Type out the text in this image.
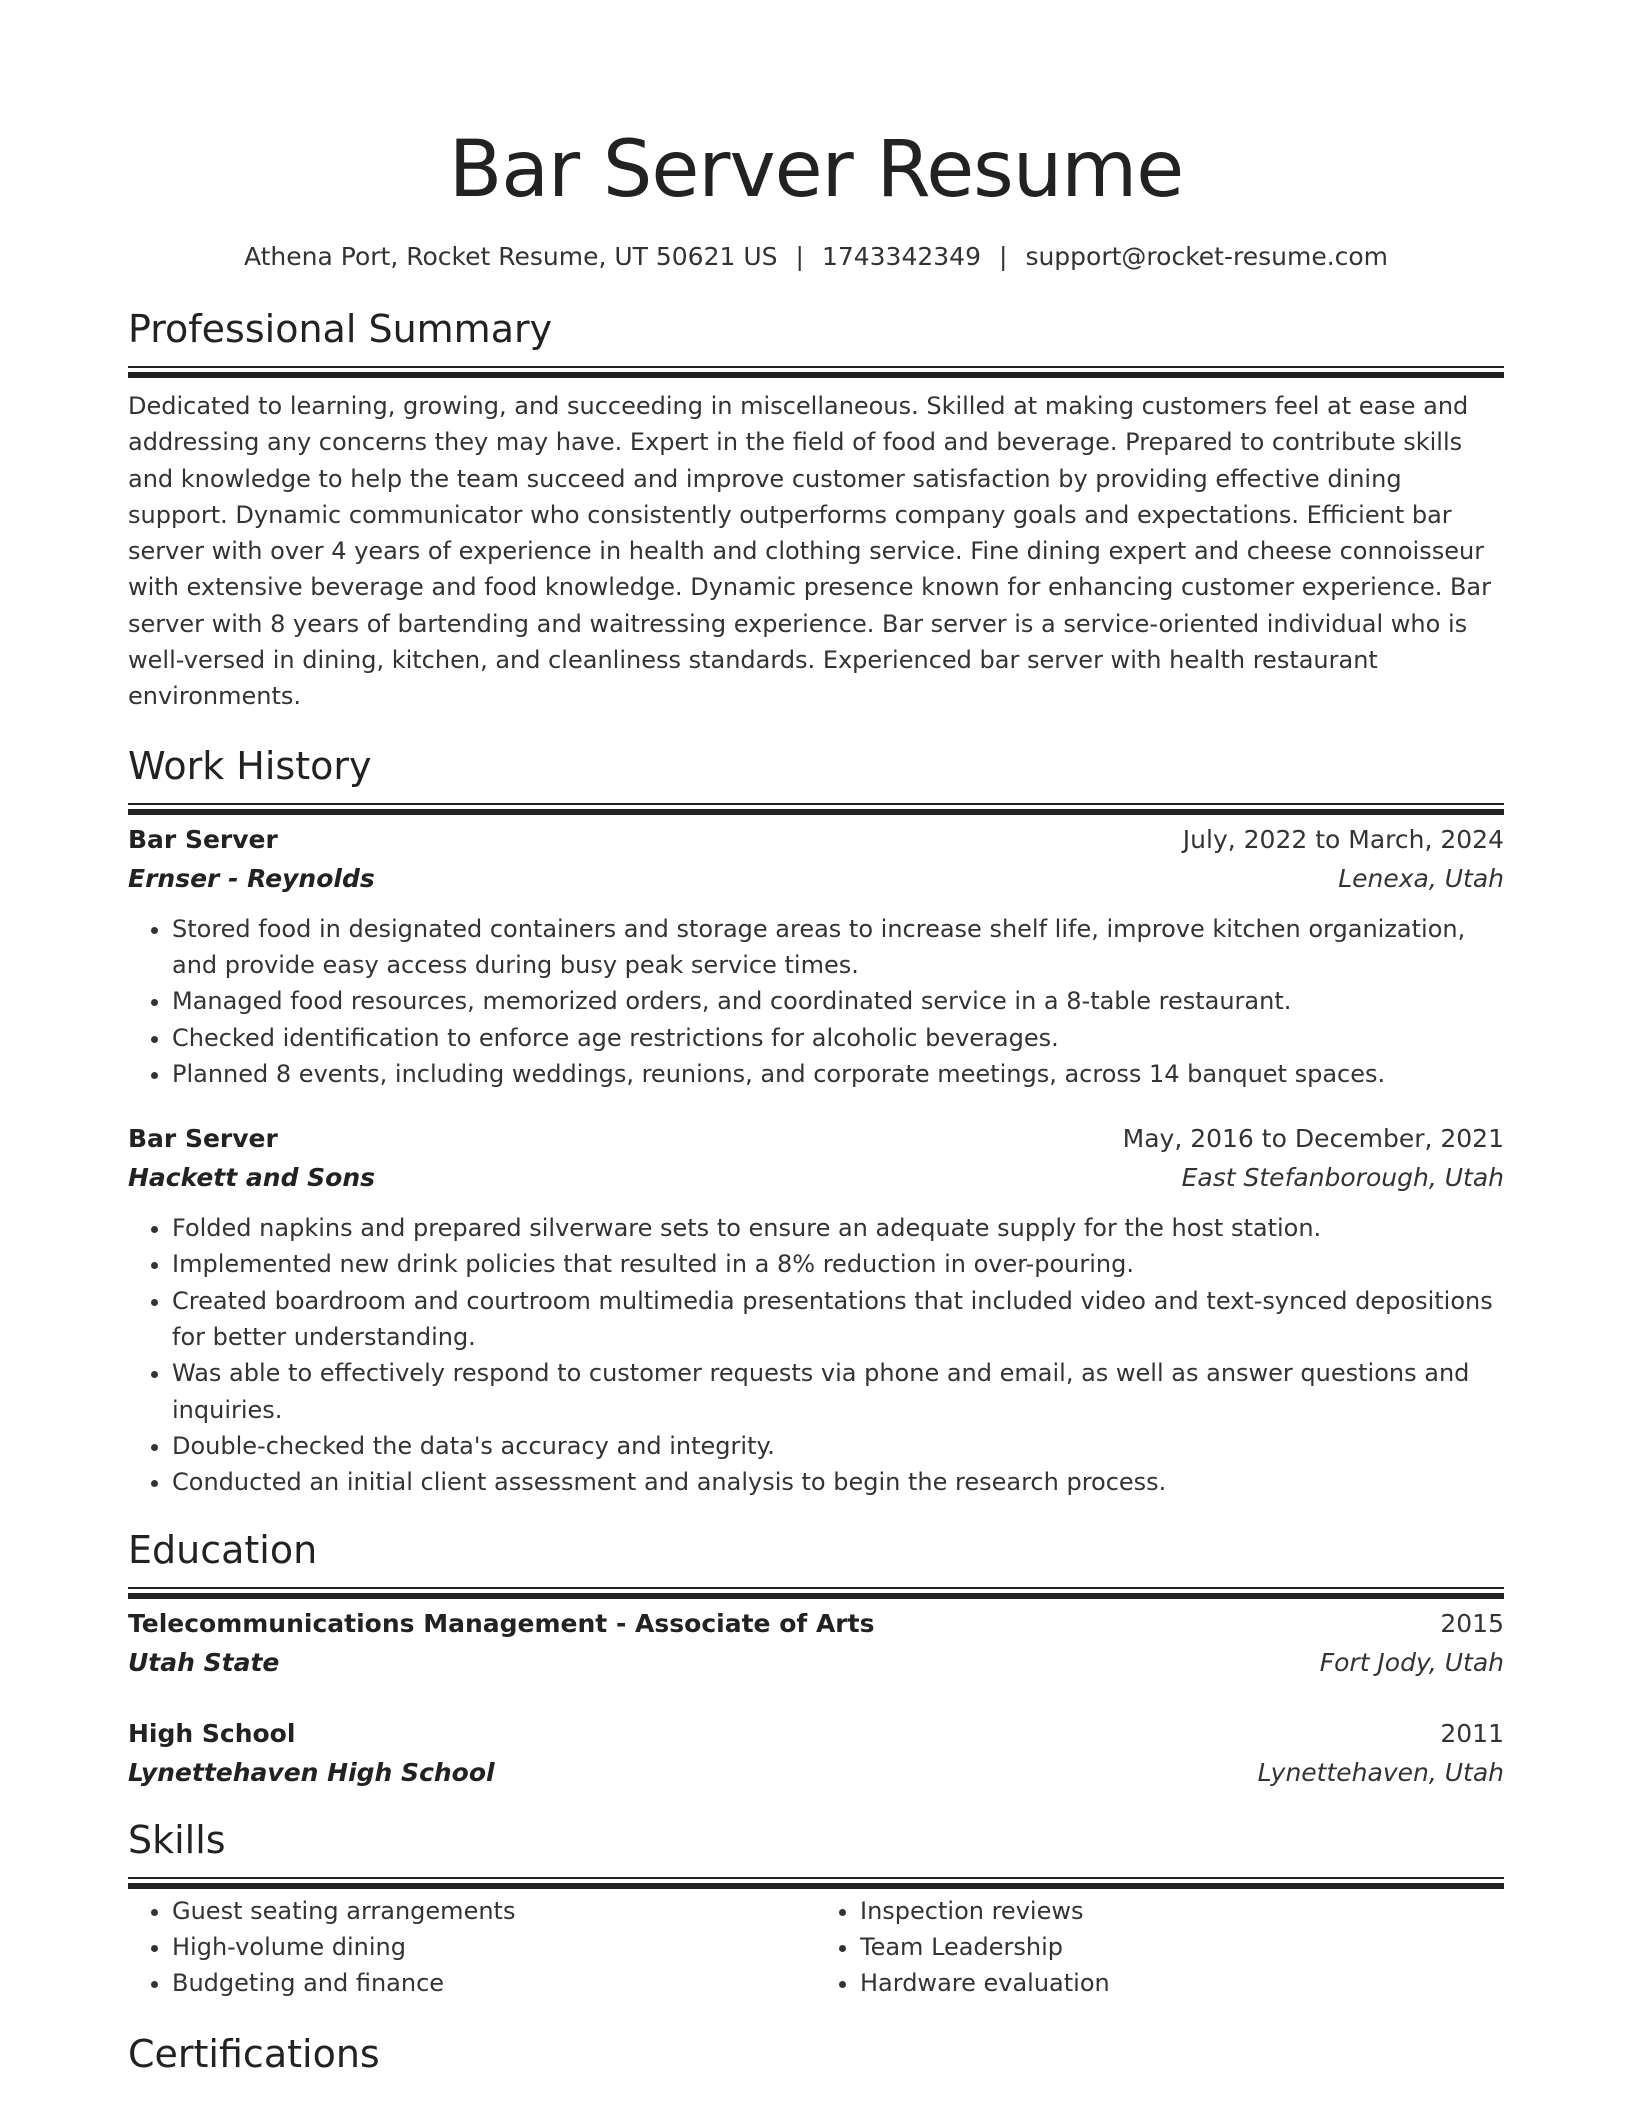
Bar Server Resume
Athena Port, Rocket Resume, UT 50621 US | 1743342349 | support@rocket-resume.com
Professional Summary
Dedicated to learning, growing, and succeeding in miscellaneous. Skilled at making customers feel at ease and addressing any concerns they may have. Expert in the field of food and beverage. Prepared to contribute skills and knowledge to help the team succeed and improve customer satisfaction by providing effective dining support. Dynamic communicator who consistently outperforms company goals and expectations. Efficient bar server with over 4 years of experience in health and clothing service. Fine dining expert and cheese connoisseur with extensive beverage and food knowledge. Dynamic presence known for enhancing customer experience. Bar server with 8 years of bartending and waitressing experience. Bar server is a service-oriented individual who is well-versed in dining, kitchen, and cleanliness standards. Experienced bar server with health restaurant environments.
Work History
Bar Server	July, 2022 to March, 2024
Ernser - Reynolds	Lenexa, Utah
• Stored food in designated containers and storage areas to increase shelf life, improve kitchen organization, and provide easy access during busy peak service times.
• Managed food resources, memorized orders, and coordinated service in a 8-table restaurant.
• Checked identification to enforce age restrictions for alcoholic beverages.
• Planned 8 events, including weddings, reunions, and corporate meetings, across 14 banquet spaces.
Bar Server	May, 2016 to December, 2021
Hackett and Sons	East Stefanborough, Utah
• Folded napkins and prepared silverware sets to ensure an adequate supply for the host station.
• Implemented new drink policies that resulted in a 8% reduction in over-pouring.
• Created boardroom and courtroom multimedia presentations that included video and text-synced depositions for better understanding.
• Was able to effectively respond to customer requests via phone and email, as well as answer questions and inquiries.
• Double-checked the data's accuracy and integrity.
• Conducted an initial client assessment and analysis to begin the research process.
Education
Telecommunications Management - Associate of Arts	2015
Utah State	Fort Jody, Utah
High School	2011
Lynettehaven High School	Lynettehaven, Utah
Skills
• Guest seating arrangements
• High-volume dining
• Budgeting and finance
• Inspection reviews
• Team Leadership
• Hardware evaluation
Certifications
